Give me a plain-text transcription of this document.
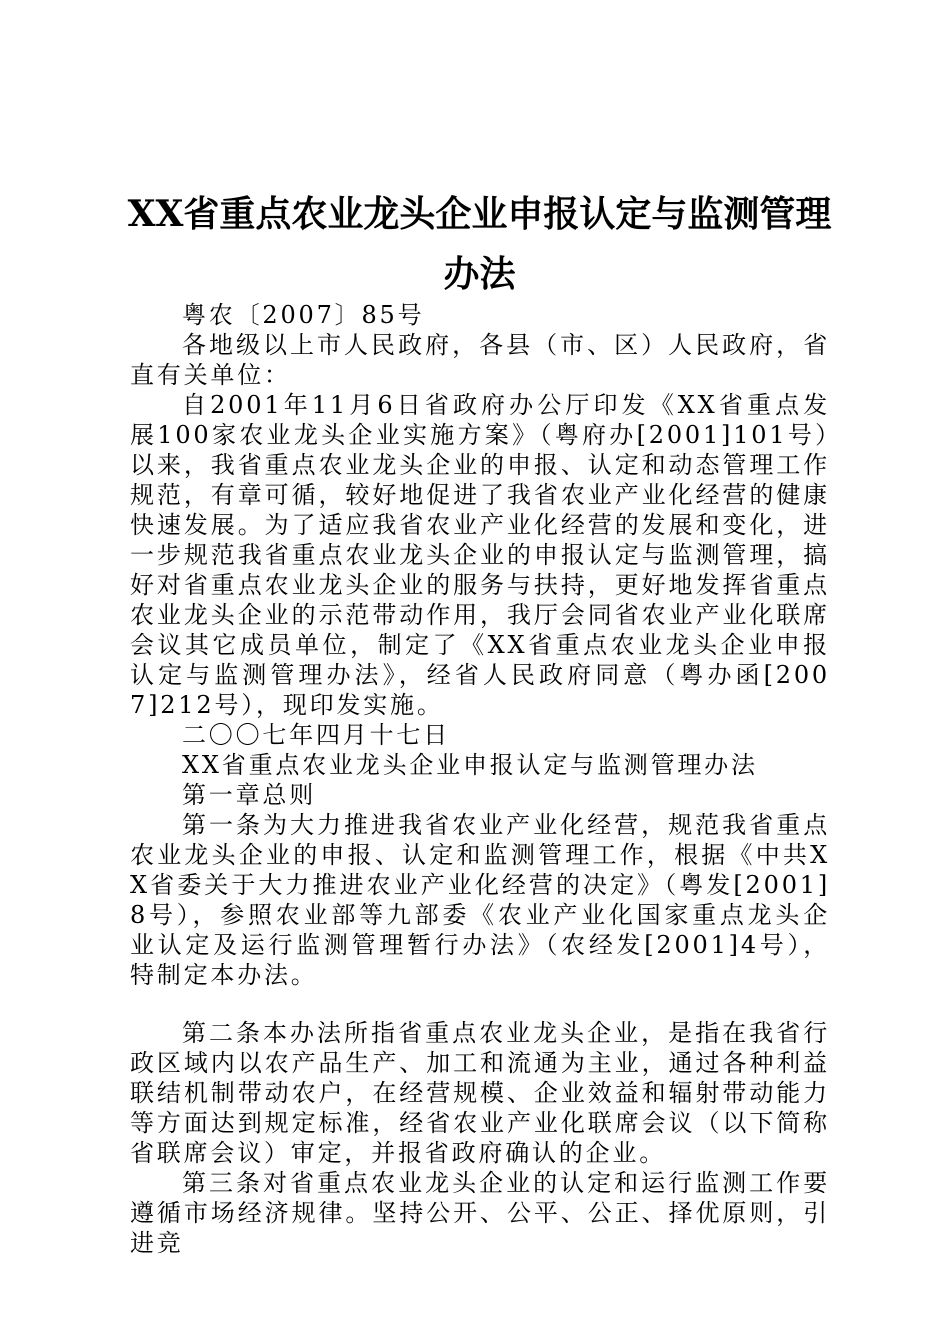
XX省重点农业龙头企业申报认定与监测管理办法

粤农〔2007〕85号

各地级以上市人民政府，各县（市、区）人民政府，省直有关单位：

自2001年11月6日省政府办公厅印发《XX省重点发展100家农业龙头企业实施方案》（粤府办[2001]101号）以来，我省重点农业龙头企业的申报、认定和动态管理工作规范，有章可循，较好地促进了我省农业产业化经营的健康快速发展。为了适应我省农业产业化经营的发展和变化，进一步规范我省重点农业龙头企业的申报认定与监测管理，搞好对省重点农业龙头企业的服务与扶持，更好地发挥省重点农业龙头企业的示范带动作用，我厅会同省农业产业化联席会议其它成员单位，制定了《XX省重点农业龙头企业申报认定与监测管理办法》，经省人民政府同意（粤办函[2007]212号），现印发实施。

二〇〇七年四月十七日

XX省重点农业龙头企业申报认定与监测管理办法

第一章总则

第一条为大力推进我省农业产业化经营，规范我省重点农业龙头企业的申报、认定和监测管理工作，根据《中共XX省委关于大力推进农业产业化经营的决定》（粤发[2001]8号），参照农业部等九部委《农业产业化国家重点龙头企业认定及运行监测管理暂行办法》（农经发[2001]4号），特制定本办法。

第二条本办法所指省重点农业龙头企业，是指在我省行政区域内以农产品生产、加工和流通为主业，通过各种利益联结机制带动农户，在经营规模、企业效益和辐射带动能力等方面达到规定标准，经省农业产业化联席会议（以下简称省联席会议）审定，并报省政府确认的企业。

第三条对省重点农业龙头企业的认定和运行监测工作要遵循市场经济规律。坚持公开、公平、公正、择优原则，引进竞
